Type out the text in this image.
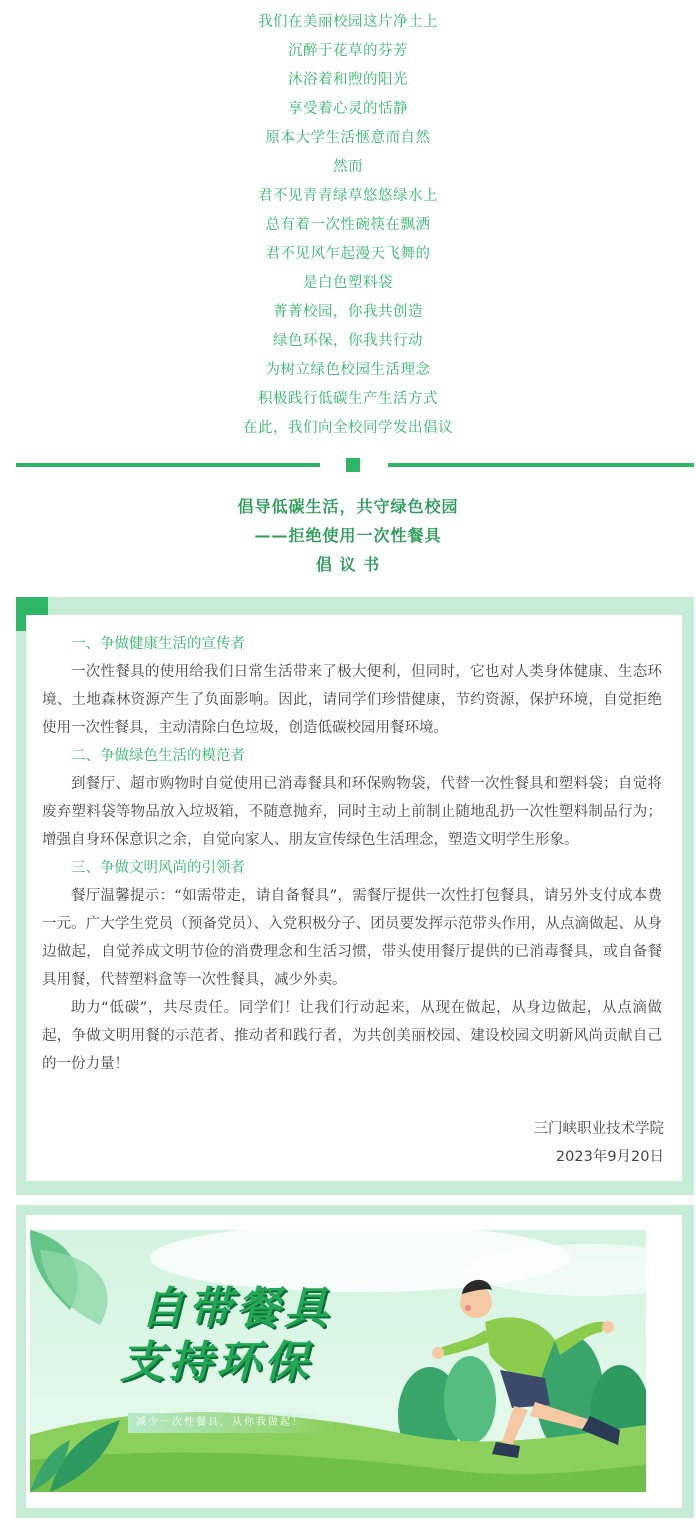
我们在美丽校园这片净土上
沉醉于花草的芬芳
沐浴着和煦的阳光
享受着心灵的恬静
原本大学生活惬意而自然
然而
君不见青青绿草悠悠绿水上
总有着一次性碗筷在飘洒
君不见风乍起漫天飞舞的
是白色塑料袋
菁菁校园，你我共创造
绿色环保，你我共行动
为树立绿色校园生活理念
积极践行低碳生产生活方式
在此，我们向全校同学发出倡议
倡导低碳生活，共守绿色校园
——拒绝使用一次性餐具
倡 议 书
一、争做健康生活的宣传者
一次性餐具的使用给我们日常生活带来了极大便利，但同时，它也对人类身体健康、生态环境、土地森林资源产生了负面影响。因此，请同学们珍惜健康，节约资源，保护环境，自觉拒绝使用一次性餐具，主动清除白色垃圾，创造低碳校园用餐环境。
二、争做绿色生活的模范者
到餐厅、超市购物时自觉使用已消毒餐具和环保购物袋，代替一次性餐具和塑料袋；自觉将废弃塑料袋等物品放入垃圾箱，不随意抛弃，同时主动上前制止随地乱扔一次性塑料制品行为；增强自身环保意识之余，自觉向家人、朋友宣传绿色生活理念，塑造文明学生形象。
三、争做文明风尚的引领者
餐厅温馨提示：“如需带走，请自备餐具”，需餐厅提供一次性打包餐具，请另外支付成本费一元。广大学生党员（预备党员）、入党积极分子、团员要发挥示范带头作用，从点滴做起、从身边做起，自觉养成文明节俭的消费理念和生活习惯，带头使用餐厅提供的已消毒餐具，或自备餐具用餐，代替塑料盒等一次性餐具，减少外卖。
助力“低碳”，共尽责任。同学们！让我们行动起来，从现在做起，从身边做起，从点滴做起，争做文明用餐的示范者、推动者和践行者，为共创美丽校园、建设校园文明新风尚贡献自己的一份力量！
三门峡职业技术学院
2023年9月20日
自带餐具
支持环保
减少一次性餐具，从你我做起！
